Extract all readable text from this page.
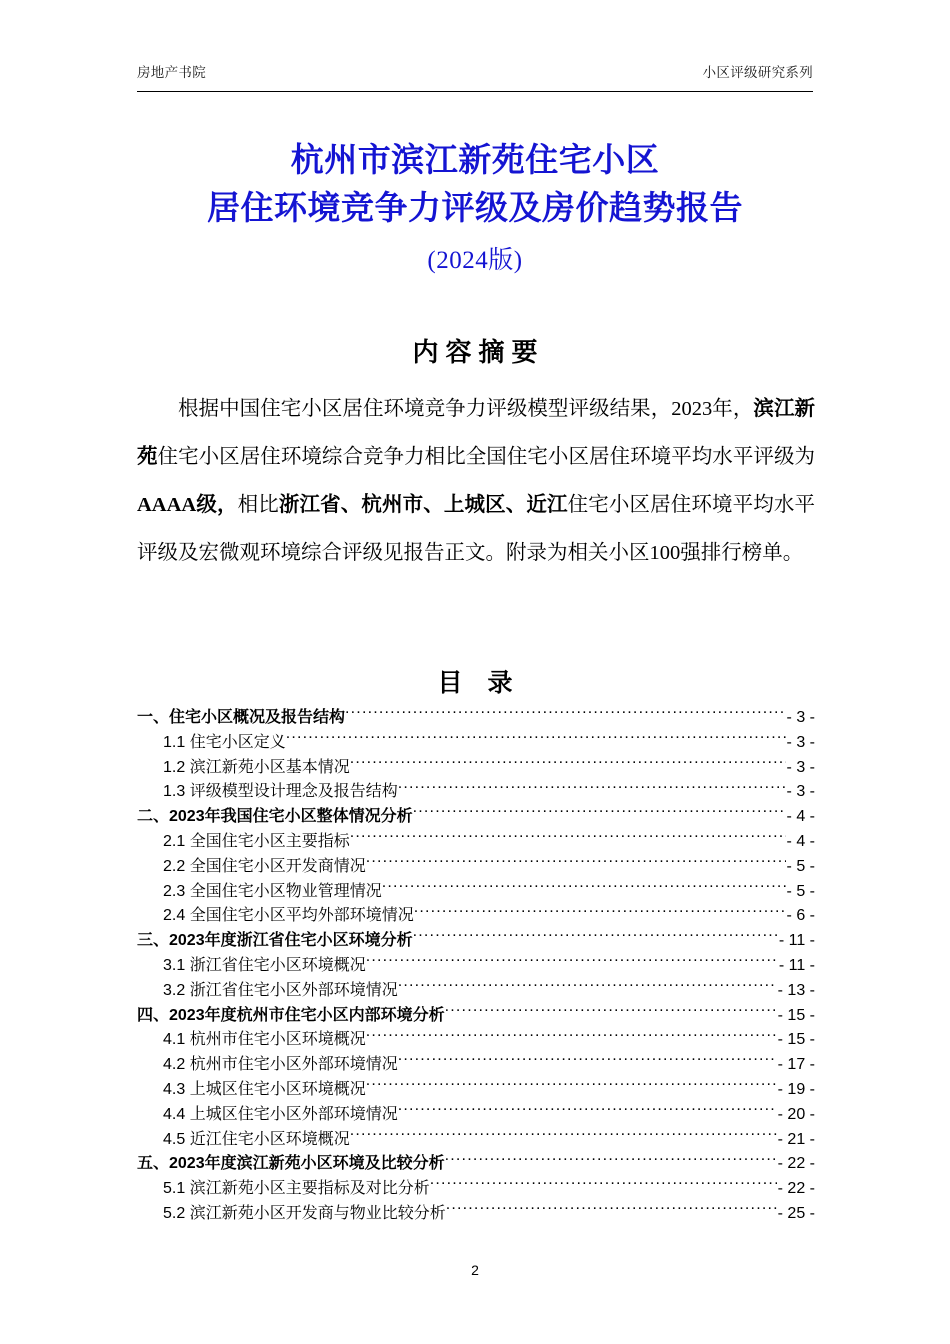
房地产书院	小区评级研究系列
杭州市滨江新苑住宅小区
居住环境竞争力评级及房价趋势报告
(2024版)
内容摘要
根据中国住宅小区居住环境竞争力评级模型评级结果，2023年，滨江新苑住宅小区居住环境综合竞争力相比全国住宅小区居住环境平均水平评级为AAAA级，相比浙江省、杭州市、上城区、近江住宅小区居住环境平均水平评级及宏微观环境综合评级见报告正文。附录为相关小区100强排行榜单。
目 录
一、住宅小区概况及报告结构 .....	- 3 -
1.1 住宅小区定义 .....	- 3 -
1.2 滨江新苑小区基本情况 .....	- 3 -
1.3 评级模型设计理念及报告结构 .....	- 3 -
二、2023年我国住宅小区整体情况分析 .....	- 4 -
2.1 全国住宅小区主要指标 .....	- 4 -
2.2 全国住宅小区开发商情况 .....	- 5 -
2.3 全国住宅小区物业管理情况 .....	- 5 -
2.4 全国住宅小区平均外部环境情况 .....	- 6 -
三、2023年度浙江省住宅小区环境分析 .....	- 11 -
3.1 浙江省住宅小区环境概况 .....	- 11 -
3.2 浙江省住宅小区外部环境情况 .....	- 13 -
四、2023年度杭州市住宅小区内部环境分析 .....	- 15 -
4.1 杭州市住宅小区环境概况 .....	- 15 -
4.2 杭州市住宅小区外部环境情况 .....	- 17 -
4.3 上城区住宅小区环境概况 .....	- 19 -
4.4 上城区住宅小区外部环境情况 .....	- 20 -
4.5 近江住宅小区环境概况 .....	- 21 -
五、2023年度滨江新苑小区环境及比较分析 .....	- 22 -
5.1 滨江新苑小区主要指标及对比分析 .....	- 22 -
5.2 滨江新苑小区开发商与物业比较分析 .....	- 25 -
2
